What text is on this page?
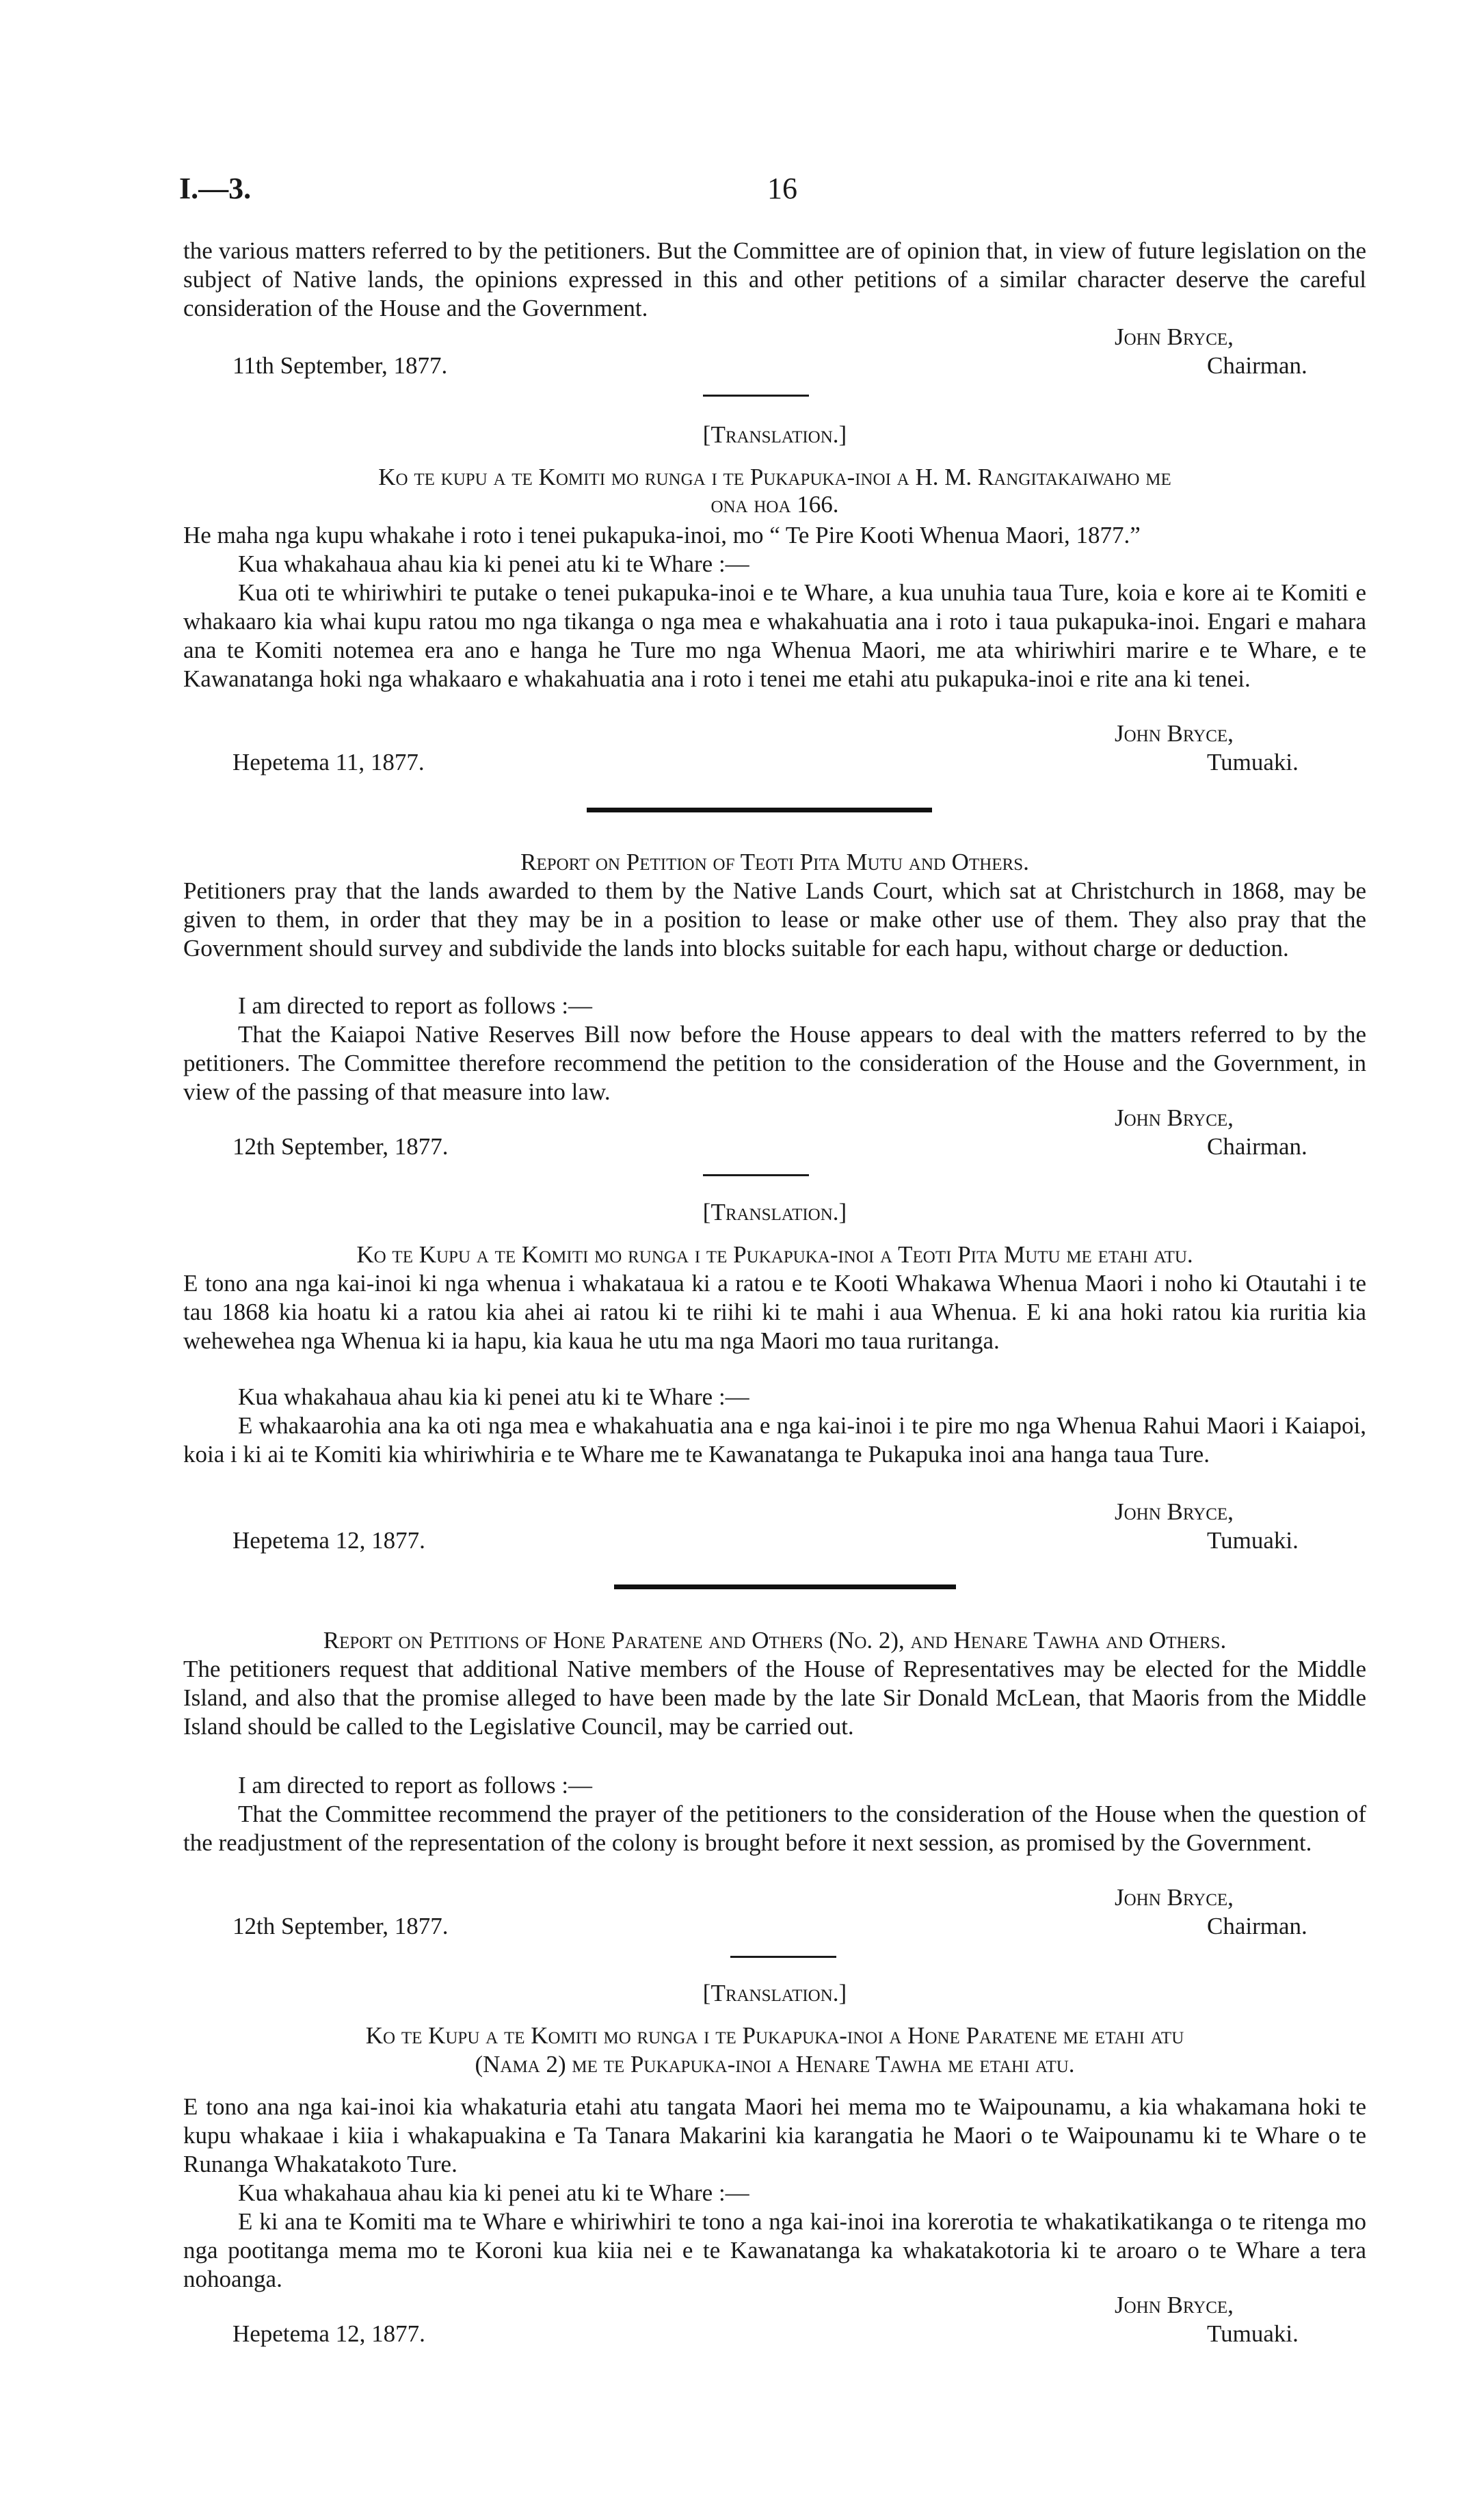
I.—3.	16
the various matters referred to by the petitioners. But the Committee are of opinion that, in view of future legislation on the subject of Native lands, the opinions expressed in this and other petitions of a similar character deserve the careful consideration of the House and the Government.
John Bryce,
11th September, 1877.	Chairman.
[Translation.]
Ko te kupu a te Komiti mo runga i te Pukapuka-inoi a H. M. Rangitakaiwaho me
ona hoa 166.
He maha nga kupu whakahe i roto i tenei pukapuka-inoi, mo “ Te Pire Kooti Whenua Maori, 1877.”
Kua whakahaua ahau kia ki penei atu ki te Whare :—
Kua oti te whiriwhiri te putake o tenei pukapuka-inoi e te Whare, a kua unuhia taua Ture, koia e kore ai te Komiti e whakaaro kia whai kupu ratou mo nga tikanga o nga mea e whakahuatia ana i roto i taua pukapuka-inoi. Engari e mahara ana te Komiti notemea era ano e hanga he Ture mo nga Whenua Maori, me ata whiriwhiri marire e te Whare, e te Kawanatanga hoki nga whakaaro e whakahuatia ana i roto i tenei me etahi atu pukapuka-inoi e rite ana ki tenei.
John Bryce,
Hepetema 11, 1877.	Tumuaki.
Report on Petition of Teoti Pita Mutu and Others.
Petitioners pray that the lands awarded to them by the Native Lands Court, which sat at Christchurch in 1868, may be given to them, in order that they may be in a position to lease or make other use of them. They also pray that the Government should survey and subdivide the lands into blocks suitable for each hapu, without charge or deduction.
I am directed to report as follows :—
That the Kaiapoi Native Reserves Bill now before the House appears to deal with the matters referred to by the petitioners. The Committee therefore recommend the petition to the consideration of the House and the Government, in view of the passing of that measure into law.
John Bryce,
12th September, 1877.	Chairman.
[Translation.]
Ko te Kupu a te Komiti mo runga i te Pukapuka-inoi a Teoti Pita Mutu me etahi atu.
E tono ana nga kai-inoi ki nga whenua i whakataua ki a ratou e te Kooti Whakawa Whenua Maori i noho ki Otautahi i te tau 1868 kia hoatu ki a ratou kia ahei ai ratou ki te riihi ki te mahi i aua Whenua. E ki ana hoki ratou kia ruritia kia wehewehea nga Whenua ki ia hapu, kia kaua he utu ma nga Maori mo taua ruritanga.
Kua whakahaua ahau kia ki penei atu ki te Whare :—
E whakaarohia ana ka oti nga mea e whakahuatia ana e nga kai-inoi i te pire mo nga Whenua Rahui Maori i Kaiapoi, koia i ki ai te Komiti kia whiriwhiria e te Whare me te Kawanatanga te Pukapuka inoi ana hanga taua Ture.
John Bryce,
Hepetema 12, 1877.	Tumuaki.
Report on Petitions of Hone Paratene and Others (No. 2), and Henare Tawha and Others.
The petitioners request that additional Native members of the House of Representatives may be elected for the Middle Island, and also that the promise alleged to have been made by the late Sir Donald McLean, that Maoris from the Middle Island should be called to the Legislative Council, may be carried out.
I am directed to report as follows :—
That the Committee recommend the prayer of the petitioners to the consideration of the House when the question of the readjustment of the representation of the colony is brought before it next session, as promised by the Government.
John Bryce,
12th September, 1877.	Chairman.
[Translation.]
Ko te Kupu a te Komiti mo runga i te Pukapuka-inoi a Hone Paratene me etahi atu
(Nama 2) me te Pukapuka-inoi a Henare Tawha me etahi atu.
E tono ana nga kai-inoi kia whakaturia etahi atu tangata Maori hei mema mo te Waipounamu, a kia whakamana hoki te kupu whakaae i kiia i whakapuakina e Ta Tanara Makarini kia karangatia he Maori o te Waipounamu ki te Whare o te Runanga Whakatakoto Ture.
Kua whakahaua ahau kia ki penei atu ki te Whare :—
E ki ana te Komiti ma te Whare e whiriwhiri te tono a nga kai-inoi ina korerotia te whakatikatikanga o te ritenga mo nga pootitanga mema mo te Koroni kua kiia nei e te Kawanatanga ka whakatakotoria ki te aroaro o te Whare a tera nohoanga.
John Bryce,
Hepetema 12, 1877.	Tumuaki.
